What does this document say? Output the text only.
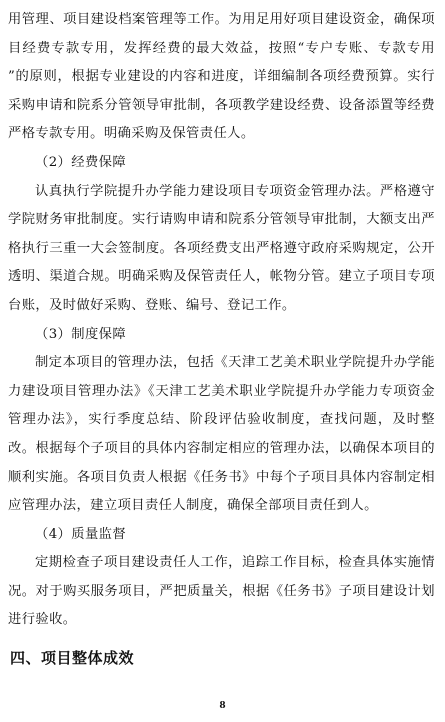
用管理、项目建设档案管理等工作。为用足用好项目建设资金，确保项目经费专款专用，发挥经费的最大效益，按照“专户专账、专款专用 ”的原则，根据专业建设的内容和进度，详细编制各项经费预算。实行采购申请和院系分管领导审批制，各项教学建设经费、设备添置等经费严格专款专用。明确采购及保管责任人。

（2）经费保障

认真执行学院提升办学能力建设项目专项资金管理办法。严格遵守学院财务审批制度。实行请购申请和院系分管领导审批制，大额支出严格执行三重一大会签制度。各项经费支出严格遵守政府采购规定，公开透明、渠道合规。明确采购及保管责任人，帐物分管。建立子项目专项台账，及时做好采购、登账、编号、登记工作。

（3）制度保障

制定本项目的管理办法，包括《天津工艺美术职业学院提升办学能力建设项目管理办法》《天津工艺美术职业学院提升办学能力专项资金管理办法》，实行季度总结、阶段评估验收制度，查找问题，及时整改。根据每个子项目的具体内容制定相应的管理办法，以确保本项目的顺利实施。各项目负责人根据《任务书》中每个子项目具体内容制定相应管理办法，建立项目责任人制度，确保全部项目责任到人。

（4）质量监督

定期检查子项目建设责任人工作，追踪工作目标，检查具体实施情况。对于购买服务项目，严把质量关，根据《任务书》子项目建设计划进行验收。

四、项目整体成效
8
